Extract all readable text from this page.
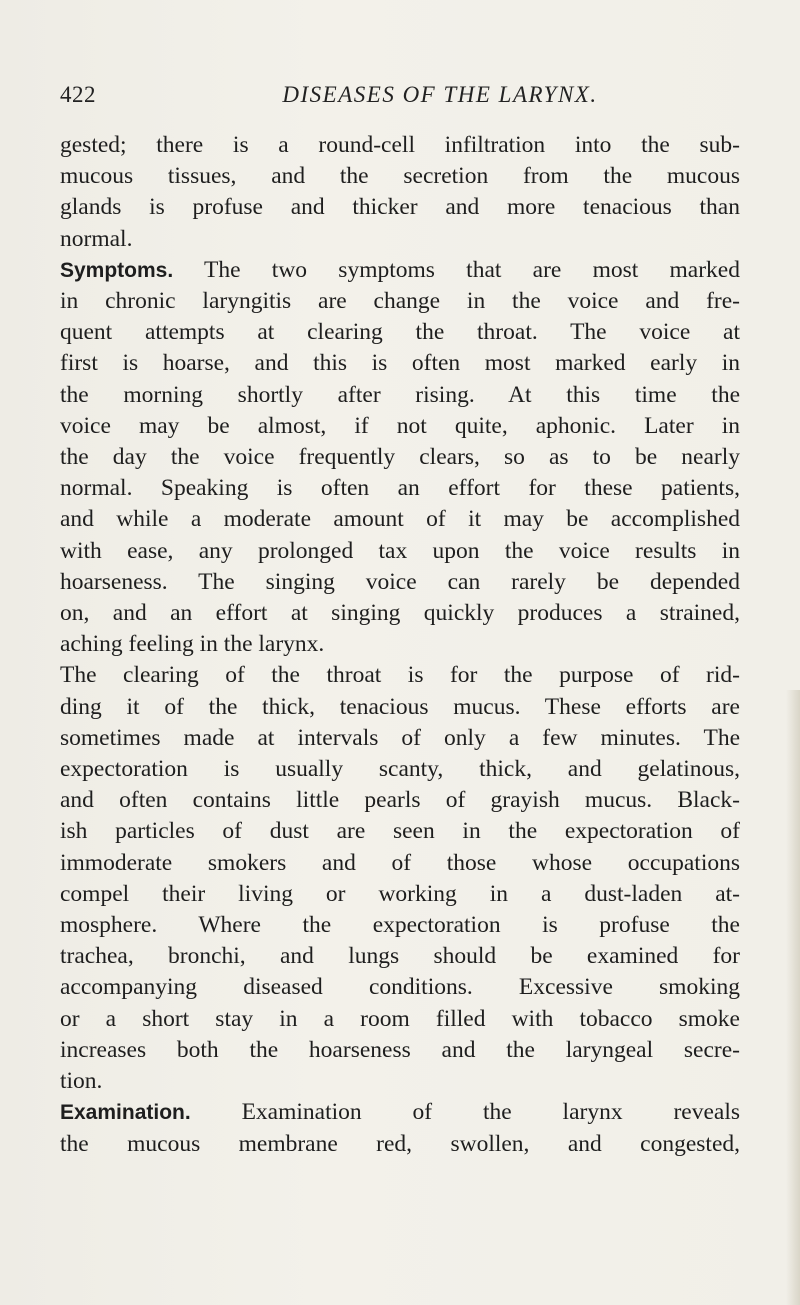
422	DISEASES OF THE LARYNX.
gested; there is a round-cell infiltration into the sub-
mucous tissues, and the secretion from the mucous
glands is profuse and thicker and more tenacious than
normal.
Symptoms. The two symptoms that are most marked
in chronic laryngitis are change in the voice and fre-
quent attempts at clearing the throat. The voice at
first is hoarse, and this is often most marked early in
the morning shortly after rising. At this time the
voice may be almost, if not quite, aphonic. Later in
the day the voice frequently clears, so as to be nearly
normal. Speaking is often an effort for these patients,
and while a moderate amount of it may be accomplished
with ease, any prolonged tax upon the voice results in
hoarseness. The singing voice can rarely be depended
on, and an effort at singing quickly produces a strained,
aching feeling in the larynx.
The clearing of the throat is for the purpose of rid-
ding it of the thick, tenacious mucus. These efforts are
sometimes made at intervals of only a few minutes. The
expectoration is usually scanty, thick, and gelatinous,
and often contains little pearls of grayish mucus. Black-
ish particles of dust are seen in the expectoration of
immoderate smokers and of those whose occupations
compel their living or working in a dust-laden at-
mosphere. Where the expectoration is profuse the
trachea, bronchi, and lungs should be examined for
accompanying diseased conditions. Excessive smoking
or a short stay in a room filled with tobacco smoke
increases both the hoarseness and the laryngeal secre-
tion.
Examination. Examination of the larynx reveals
the mucous membrane red, swollen, and congested,
